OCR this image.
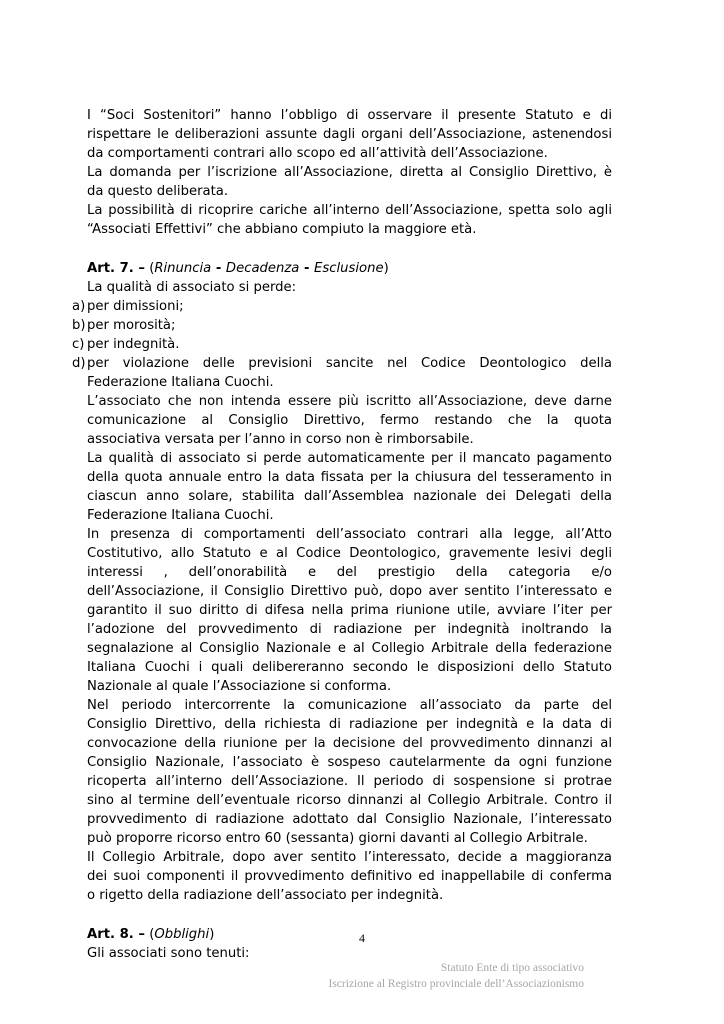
I “Soci Sostenitori” hanno l’obbligo di osservare il presente Statuto e di

rispettare le deliberazioni assunte dagli organi dell’Associazione, astenendosi

da comportamenti contrari allo scopo ed all’attività dell’Associazione.

La domanda per l’iscrizione all’Associazione, diretta al Consiglio Direttivo, è

da questo deliberata.

La possibilità di ricoprire cariche all’interno dell’Associazione, spetta solo agli

“Associati Effettivi” che abbiano compiuto la maggiore età.

Art. 7. – (Rinuncia - Decadenza - Esclusione)

La qualità di associato si perde:

a) per dimissioni;

b) per morosità;

c) per indegnità.

d) per violazione delle previsioni sancite nel Codice Deontologico della

Federazione Italiana Cuochi.

L’associato che non intenda essere più iscritto all’Associazione, deve darne

comunicazione al Consiglio Direttivo, fermo restando che la quota

associativa versata per l’anno in corso non è rimborsabile.

La qualità di associato si perde automaticamente per il mancato pagamento

della quota annuale entro la data fissata per la chiusura del tesseramento in

ciascun anno solare, stabilita dall’Assemblea nazionale dei Delegati della

Federazione Italiana Cuochi.

In presenza di comportamenti dell’associato contrari alla legge, all’Atto

Costitutivo, allo Statuto e al Codice Deontologico, gravemente lesivi degli

interessi , dell’onorabilità e del prestigio della categoria e/o

dell’Associazione, il Consiglio Direttivo può, dopo aver sentito l’interessato e

garantito il suo diritto di difesa nella prima riunione utile, avviare l’iter per

l’adozione del provvedimento di radiazione per indegnità inoltrando la

segnalazione al Consiglio Nazionale e al Collegio Arbitrale della federazione

Italiana Cuochi i quali delibereranno secondo le disposizioni dello Statuto

Nazionale al quale l’Associazione si conforma.

Nel periodo intercorrente la comunicazione all’associato da parte del

Consiglio Direttivo, della richiesta di radiazione per indegnità e la data di

convocazione della riunione per la decisione del provvedimento dinnanzi al

Consiglio Nazionale, l’associato è sospeso cautelarmente da ogni funzione

ricoperta all’interno dell’Associazione. Il periodo di sospensione si protrae

sino al termine dell’eventuale ricorso dinnanzi al Collegio Arbitrale. Contro il

provvedimento di radiazione adottato dal Consiglio Nazionale, l’interessato

può proporre ricorso entro 60 (sessanta) giorni davanti al Collegio Arbitrale.

Il Collegio Arbitrale, dopo aver sentito l’interessato, decide a maggioranza

dei suoi componenti il provvedimento definitivo ed inappellabile di conferma

o rigetto della radiazione dell’associato per indegnità.

Art. 8. – (Obblighi)

Gli associati sono tenuti:

4
Statuto Ente di tipo associativo
Iscrizione al Registro provinciale dell’Associazionismo
